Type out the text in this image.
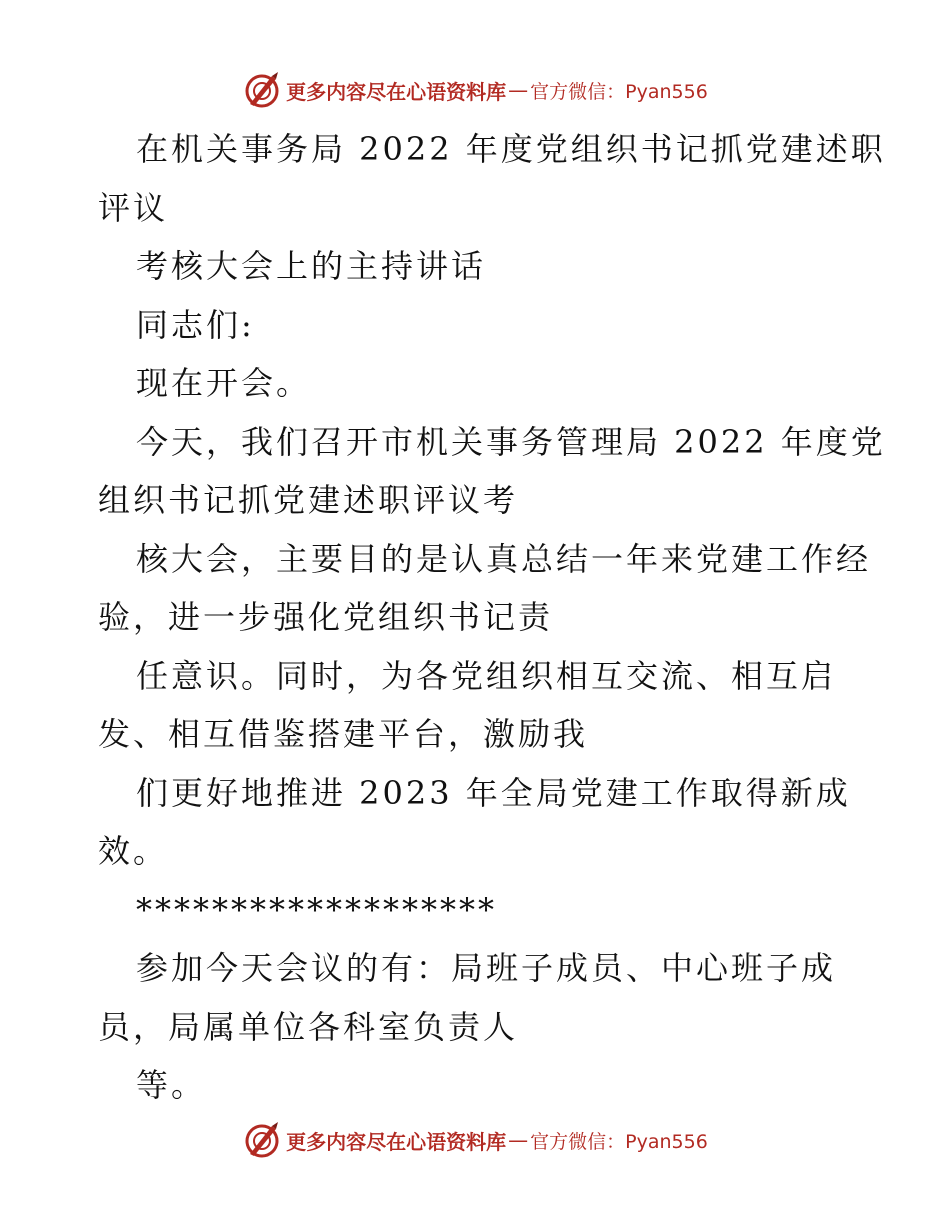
更多内容尽在心语资料库 — 官方微信：Pyan556
在机关事务局 2022 年度党组织书记抓党建述职
评议
考核大会上的主持讲话
同志们:
现在开会。
今天，我们召开市机关事务管理局 2022 年度党
组织书记抓党建述职评议考
核大会，主要目的是认真总结一年来党建工作经
验，进一步强化党组织书记责
任意识。同时，为各党组织相互交流、相互启
发、相互借鉴搭建平台，激励我
们更好地推进 2023 年全局党建工作取得新成
效。
*******************
参加今天会议的有：局班子成员、中心班子成
员，局属单位各科室负责人
等。
更多内容尽在心语资料库 — 官方微信：Pyan556
